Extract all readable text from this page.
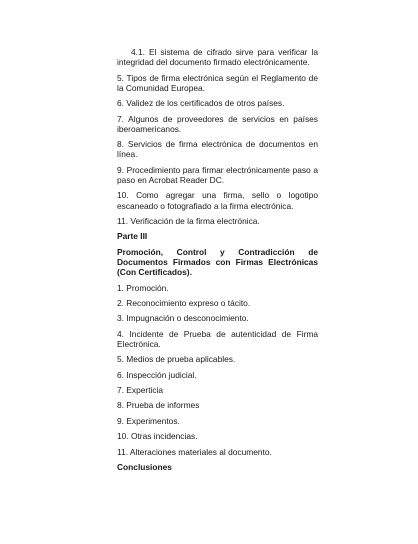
4.1. El sistema de cifrado sirve para verificar la integridad del documento firmado electrónicamente.

5. Tipos de firma electrónica según el Reglamento de la Comunidad Europea.

6. Validez de los certificados de otros países.

7. Algunos de proveedores de servicios en países iberoamericanos.

8. Servicios de firma electrónica de documentos en línea.

9. Procedimiento para firmar electrónicamente paso a paso en Acrobat Reader DC.

10. Como agregar una firma, sello o logotipo escaneado o fotografiado a la firma electrónica.

11. Verificación de la firma electrónica.

Parte III

Promoción, Control y Contradicción de Documentos Firmados con Firmas Electrónicas (Con Certificados).

1. Promoción.

2. Reconocimiento expreso o tácito.

3. Impugnación o desconocimiento.

4. Incidente de Prueba de autenticidad de Firma Electrónica.

5. Medios de prueba aplicables.

6. Inspección judicial.

7. Experticia

8. Prueba de informes

9. Experimentos.

10. Otras incidencias.

11. Alteraciones materiales al documento.

Conclusiones
